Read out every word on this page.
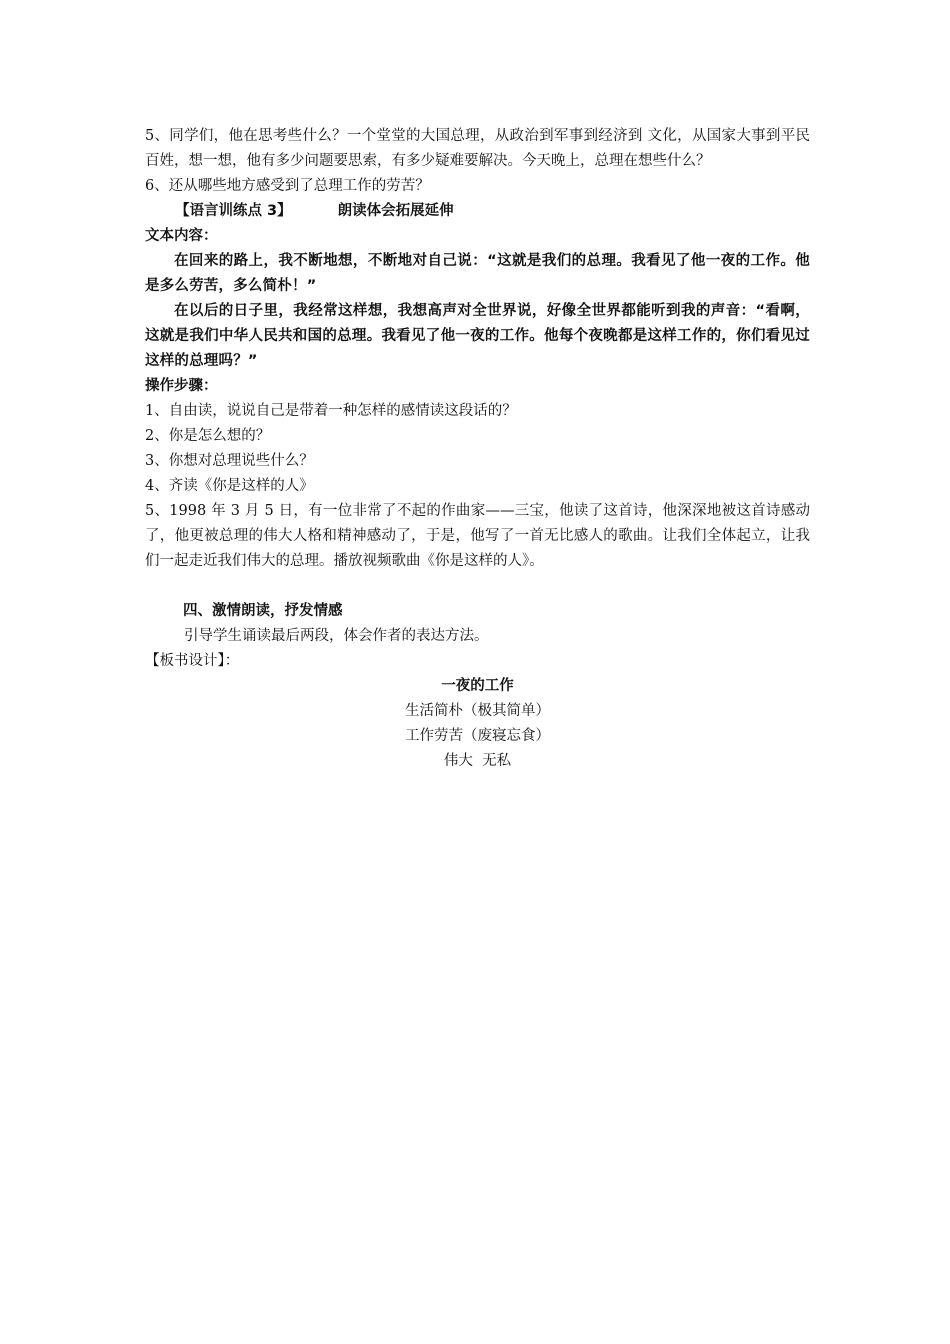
5、同学们，他在思考些什么？一个堂堂的大国总理，从政治到军事到经济到 文化，从国家大事到平民百姓，想一想，他有多少问题要思索，有多少疑难要解决。今天晚上，总理在想些什么？

6、还从哪些地方感受到了总理工作的劳苦？

【语言训练点 3】	朗读体会拓展延伸

文本内容：

在回来的路上，我不断地想，不断地对自己说：“这就是我们的总理。我看见了他一夜的工作。他是多么劳苦，多么简朴！”

在以后的日子里，我经常这样想，我想高声对全世界说，好像全世界都能听到我的声音：“看啊，这就是我们中华人民共和国的总理。我看见了他一夜的工作。他每个夜晚都是这样工作的，你们看见过这样的总理吗？”

操作步骤：

1、自由读，说说自己是带着一种怎样的感情读这段话的？

2、你是怎么想的？

3、你想对总理说些什么？

4、齐读《你是这样的人》

5、1998 年 3 月 5 日，有一位非常了不起的作曲家——三宝，他读了这首诗，他深深地被这首诗感动了，他更被总理的伟大人格和精神感动了，于是，他写了一首无比感人的歌曲。让我们全体起立，让我们一起走近我们伟大的总理。播放视频歌曲《你是这样的人》。

四、激情朗读，抒发情感

引导学生诵读最后两段，体会作者的表达方法。

【板书设计】：

一夜的工作
生活简朴（极其简单）
工作劳苦（废寝忘食）
伟大  无私
